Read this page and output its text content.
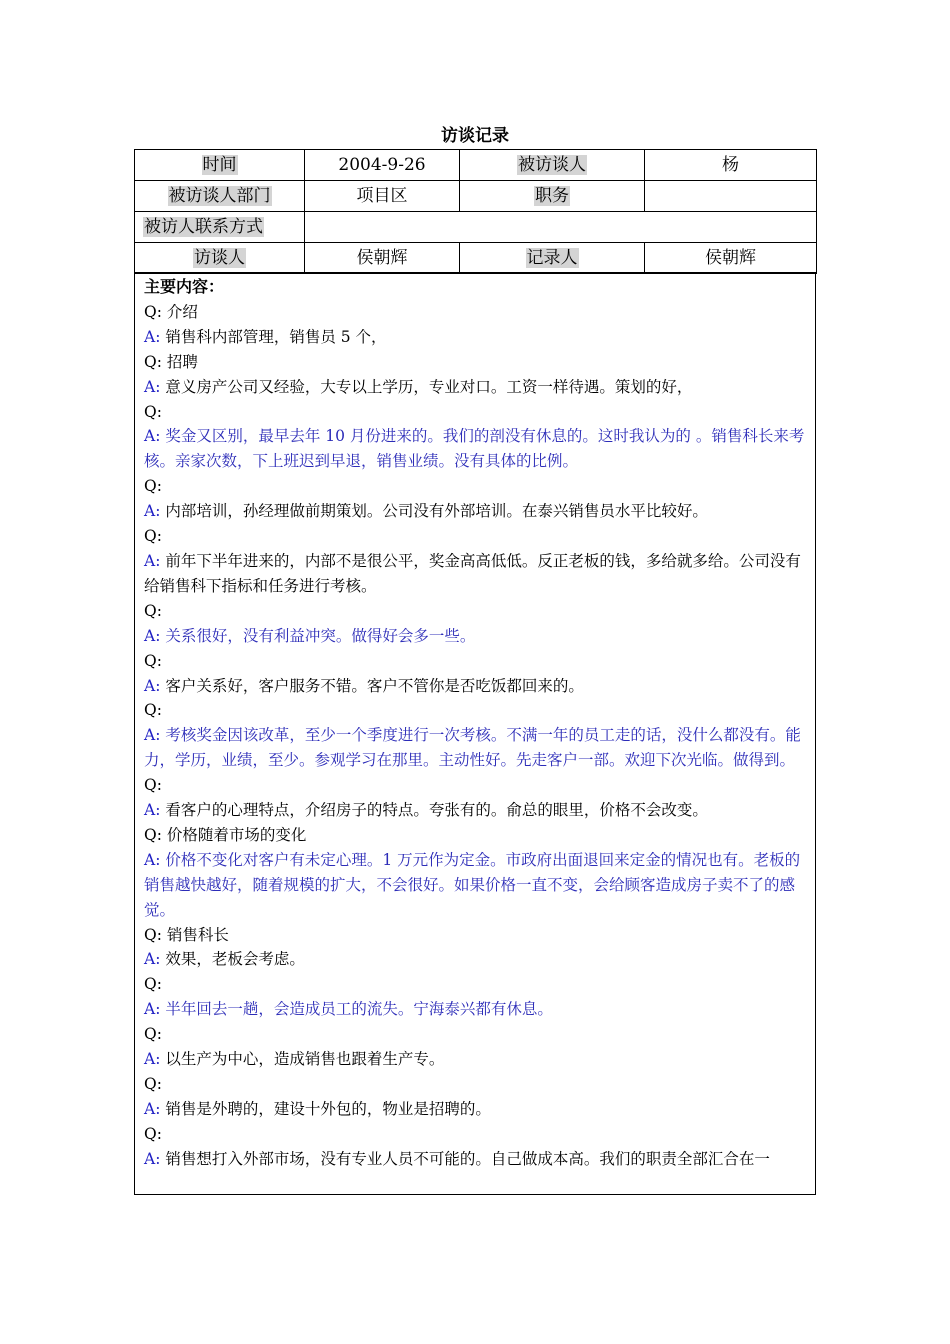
访谈记录
时间	2004-9-26	被访谈人	杨
被访谈人部门	项目区	职务	
被访人联系方式			
访谈人	侯朝辉	记录人	侯朝辉
主要内容：
Q: 介绍
A: 销售科内部管理，销售员 5 个，
Q: 招聘
A: 意义房产公司又经验，大专以上学历，专业对口。工资一样待遇。策划的好，
Q:
A: 奖金又区别，最早去年 10 月份进来的。我们的剖没有休息的。这时我认为的 。销售科长来考核。亲家次数，下上班迟到早退，销售业绩。没有具体的比例。
Q:
A: 内部培训，孙经理做前期策划。公司没有外部培训。在泰兴销售员水平比较好。
Q:
A: 前年下半年进来的，内部不是很公平，奖金高高低低。反正老板的钱，多给就多给。公司没有给销售科下指标和任务进行考核。
Q:
A: 关系很好，没有利益冲突。做得好会多一些。
Q:
A: 客户关系好，客户服务不错。客户不管你是否吃饭都回来的。
Q:
A: 考核奖金因该改革，至少一个季度进行一次考核。不满一年的员工走的话，没什么都没有。能力，学历，业绩，至少。参观学习在那里。主动性好。先走客户一部。欢迎下次光临。做得到。
Q:
A: 看客户的心理特点，介绍房子的特点。夸张有的。俞总的眼里，价格不会改变。
Q: 价格随着市场的变化
A: 价格不变化对客户有未定心理。1 万元作为定金。市政府出面退回来定金的情况也有。老板的销售越快越好，随着规模的扩大，不会很好。如果价格一直不变，会给顾客造成房子卖不了的感觉。
Q: 销售科长
A: 效果，老板会考虑。
Q:
A: 半年回去一趟，会造成员工的流失。宁海泰兴都有休息。
Q:
A: 以生产为中心，造成销售也跟着生产专。
Q:
A: 销售是外聘的，建设十外包的，物业是招聘的。
Q:
A: 销售想打入外部市场，没有专业人员不可能的。自己做成本高。我们的职责全部汇合在一
